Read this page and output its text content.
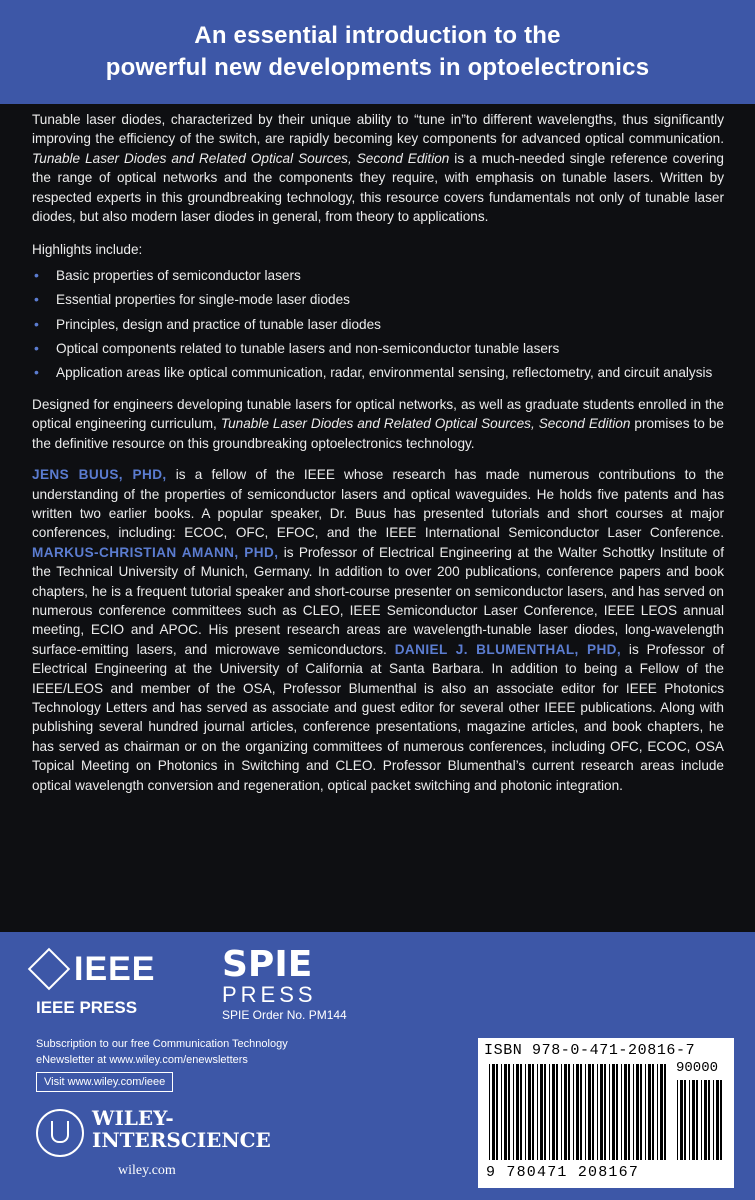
An essential introduction to the
powerful new developments in optoelectronics

Tunable laser diodes, characterized by their unique ability to “tune in”to different wavelengths, thus significantly improving the efficiency of the switch, are rapidly becoming key components for advanced optical communication. Tunable Laser Diodes and Related Optical Sources, Second Edition is a much-needed single reference covering the range of optical networks and the components they require, with emphasis on tunable lasers. Written by respected experts in this groundbreaking technology, this resource covers fundamentals not only of tunable laser diodes, but also modern laser diodes in general, from theory to applications.

Highlights include:

• Basic properties of semiconductor lasers
• Essential properties for single-mode laser diodes
• Principles, design and practice of tunable laser diodes
• Optical components related to tunable lasers and non-semiconductor tunable lasers
• Application areas like optical communication, radar, environmental sensing, reflectometry, and circuit analysis

Designed for engineers developing tunable lasers for optical networks, as well as graduate students enrolled in the optical engineering curriculum, Tunable Laser Diodes and Related Optical Sources, Second Edition promises to be the definitive resource on this groundbreaking optoelectronics technology.

JENS BUUS, PHD, is a fellow of the IEEE whose research has made numerous contributions to the understanding of the properties of semiconductor lasers and optical waveguides. He holds five patents and has written two earlier books. A popular speaker, Dr. Buus has presented tutorials and short courses at major conferences, including: ECOC, OFC, EFOC, and the IEEE International Semiconductor Laser Conference. MARKUS-CHRISTIAN AMANN, PHD, is Professor of Electrical Engineering at the Walter Schottky Institute of the Technical University of Munich, Germany. In addition to over 200 publications, conference papers and book chapters, he is a frequent tutorial speaker and short-course presenter on semiconductor lasers, and has served on numerous conference committees such as CLEO, IEEE Semiconductor Laser Conference, IEEE LEOS annual meeting, ECIO and APOC. His present research areas are wavelength-tunable laser diodes, long-wavelength surface-emitting lasers, and microwave semiconductors. DANIEL J. BLUMENTHAL, PHD, is Professor of Electrical Engineering at the University of California at Santa Barbara. In addition to being a Fellow of the IEEE/LEOS and member of the OSA, Professor Blumenthal is also an associate editor for IEEE Photonics Technology Letters and has served as associate and guest editor for several other IEEE publications. Along with publishing several hundred journal articles, conference presentations, magazine articles, and book chapters, he has served as chairman or on the organizing committees of numerous conferences, including OFC, ECOC, OSA Topical Meeting on Photonics in Switching and CLEO. Professor Blumenthal’s current research areas include optical wavelength conversion and regeneration, optical packet switching and photonic integration.

IEEE
IEEE PRESS
SPIE
PRESS
SPIE Order No. PM144
Subscription to our free Communication Technology
eNewsletter at www.wiley.com/enewsletters
Visit www.wiley.com/ieee
WILEY-
INTERSCIENCE
wiley.com
ISBN 978-0-471-20816-7
90000
9 780471 208167
